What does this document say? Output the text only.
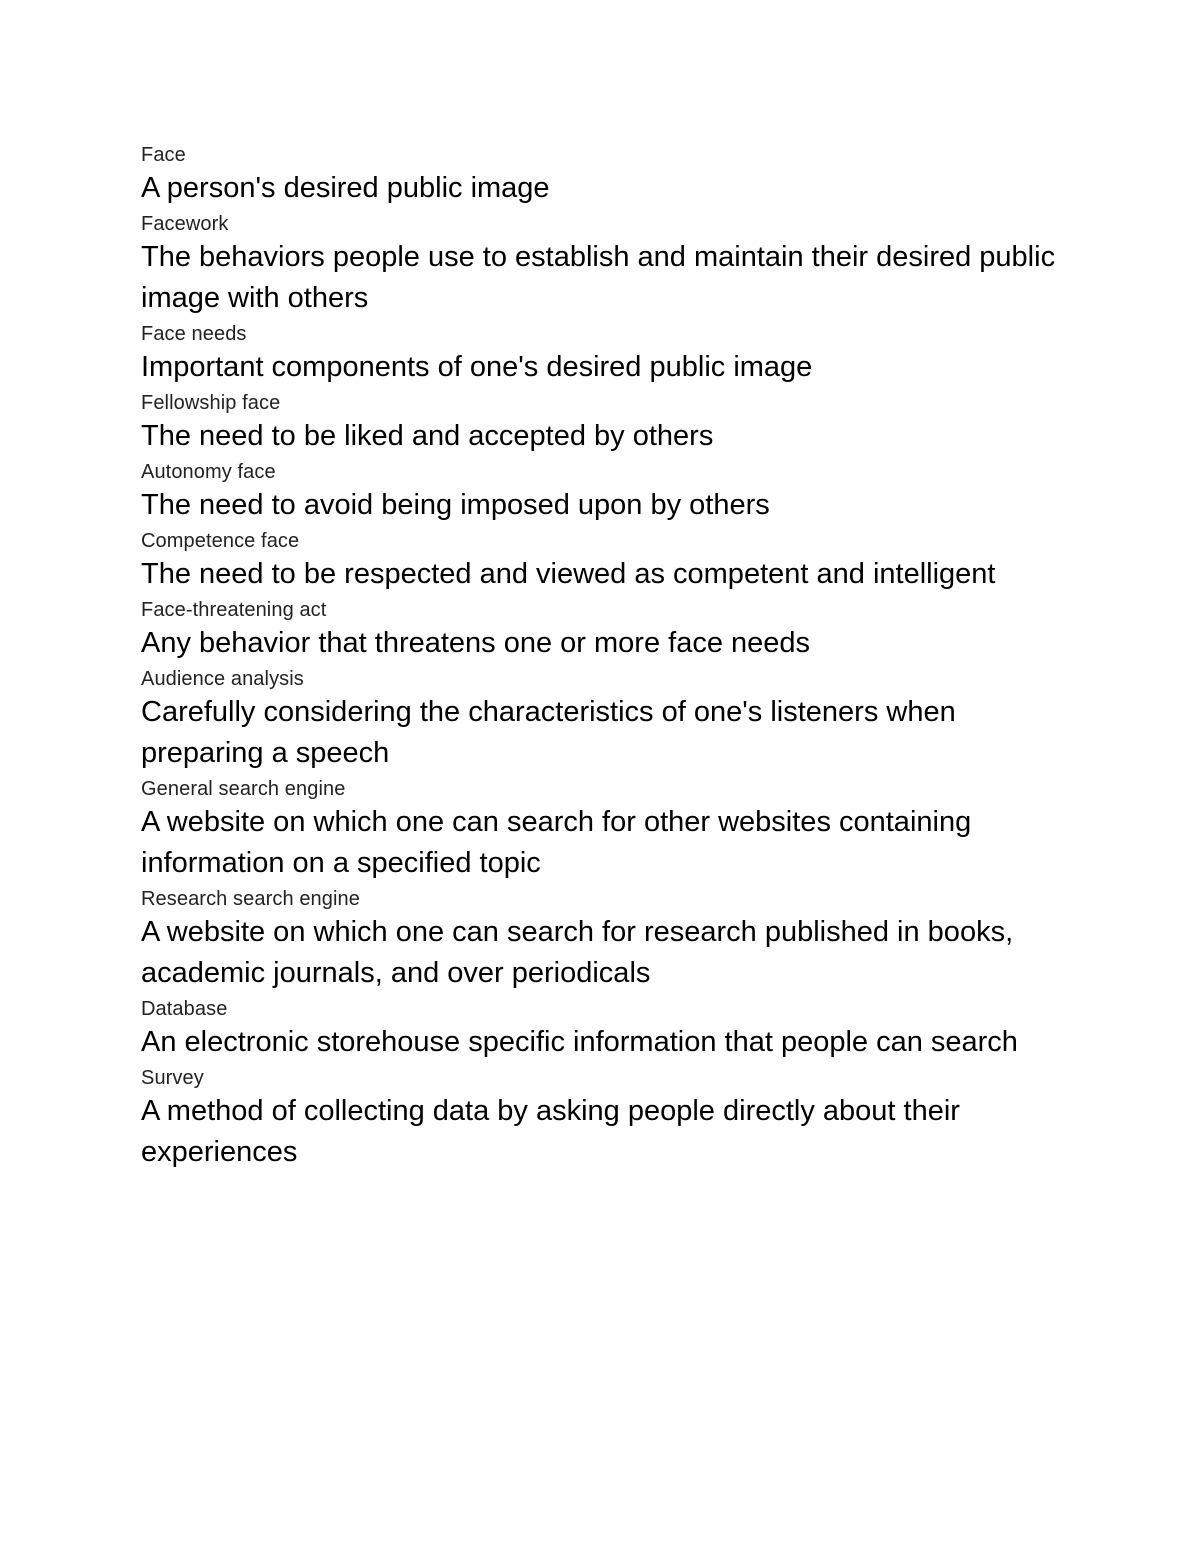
Face
A person's desired public image
Facework
The behaviors people use to establish and maintain their desired public image with others
Face needs
Important components of one's desired public image
Fellowship face
The need to be liked and accepted by others
Autonomy face
The need to avoid being imposed upon by others
Competence face
The need to be respected and viewed as competent and intelligent
Face-threatening act
Any behavior that threatens one or more face needs
Audience analysis
Carefully considering the characteristics of one's listeners when preparing a speech
General search engine
A website on which one can search for other websites containing information on a specified topic
Research search engine
A website on which one can search for research published in books, academic journals, and over periodicals
Database
An electronic storehouse specific information that people can search
Survey
A method of collecting data by asking people directly about their experiences
